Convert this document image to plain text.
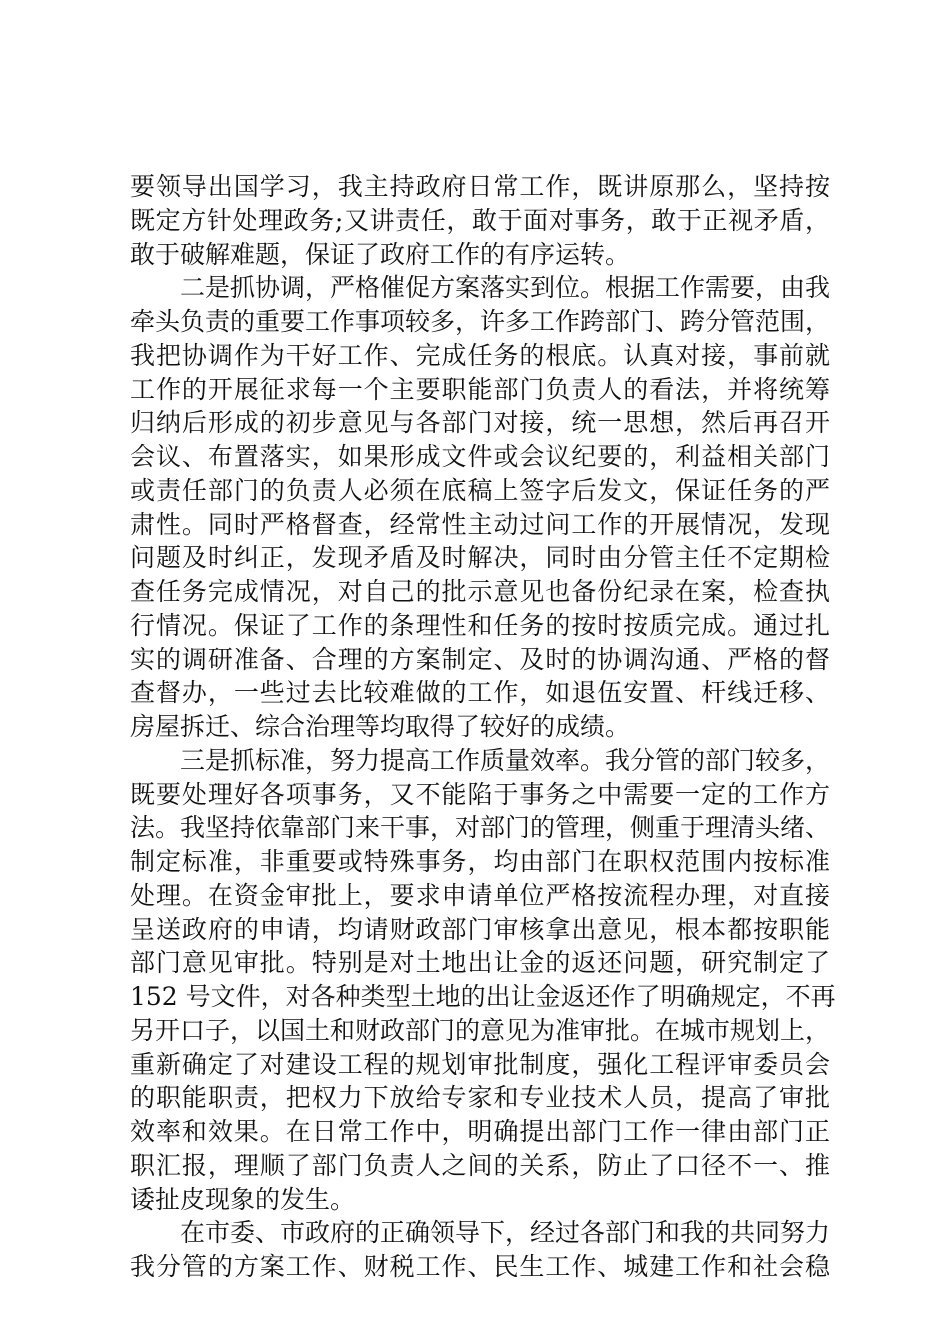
要领导出国学习，我主持政府日常工作，既讲原那么，坚持按
既定方针处理政务;又讲责任，敢于面对事务，敢于正视矛盾，
敢于破解难题，保证了政府工作的有序运转。
二是抓协调，严格催促方案落实到位。根据工作需要，由我
牵头负责的重要工作事项较多，许多工作跨部门、跨分管范围，
我把协调作为干好工作、完成任务的根底。认真对接，事前就
工作的开展征求每一个主要职能部门负责人的看法，并将统筹
归纳后形成的初步意见与各部门对接，统一思想，然后再召开
会议、布置落实，如果形成文件或会议纪要的，利益相关部门
或责任部门的负责人必须在底稿上签字后发文，保证任务的严
肃性。同时严格督查，经常性主动过问工作的开展情况，发现
问题及时纠正，发现矛盾及时解决，同时由分管主任不定期检
查任务完成情况，对自己的批示意见也备份纪录在案，检查执
行情况。保证了工作的条理性和任务的按时按质完成。通过扎
实的调研准备、合理的方案制定、及时的协调沟通、严格的督
查督办，一些过去比较难做的工作，如退伍安置、杆线迁移、
房屋拆迁、综合治理等均取得了较好的成绩。
三是抓标准，努力提高工作质量效率。我分管的部门较多，
既要处理好各项事务，又不能陷于事务之中需要一定的工作方
法。我坚持依靠部门来干事，对部门的管理，侧重于理清头绪、
制定标准，非重要或特殊事务，均由部门在职权范围内按标准
处理。在资金审批上，要求申请单位严格按流程办理，对直接
呈送政府的申请，均请财政部门审核拿出意见，根本都按职能
部门意见审批。特别是对土地出让金的返还问题，研究制定了
152 号文件，对各种类型土地的出让金返还作了明确规定，不再
另开口子，以国土和财政部门的意见为准审批。在城市规划上，
重新确定了对建设工程的规划审批制度，强化工程评审委员会
的职能职责，把权力下放给专家和专业技术人员，提高了审批
效率和效果。在日常工作中，明确提出部门工作一律由部门正
职汇报，理顺了部门负责人之间的关系，防止了口径不一、推
诿扯皮现象的发生。
在市委、市政府的正确领导下，经过各部门和我的共同努力
我分管的方案工作、财税工作、民生工作、城建工作和社会稳
